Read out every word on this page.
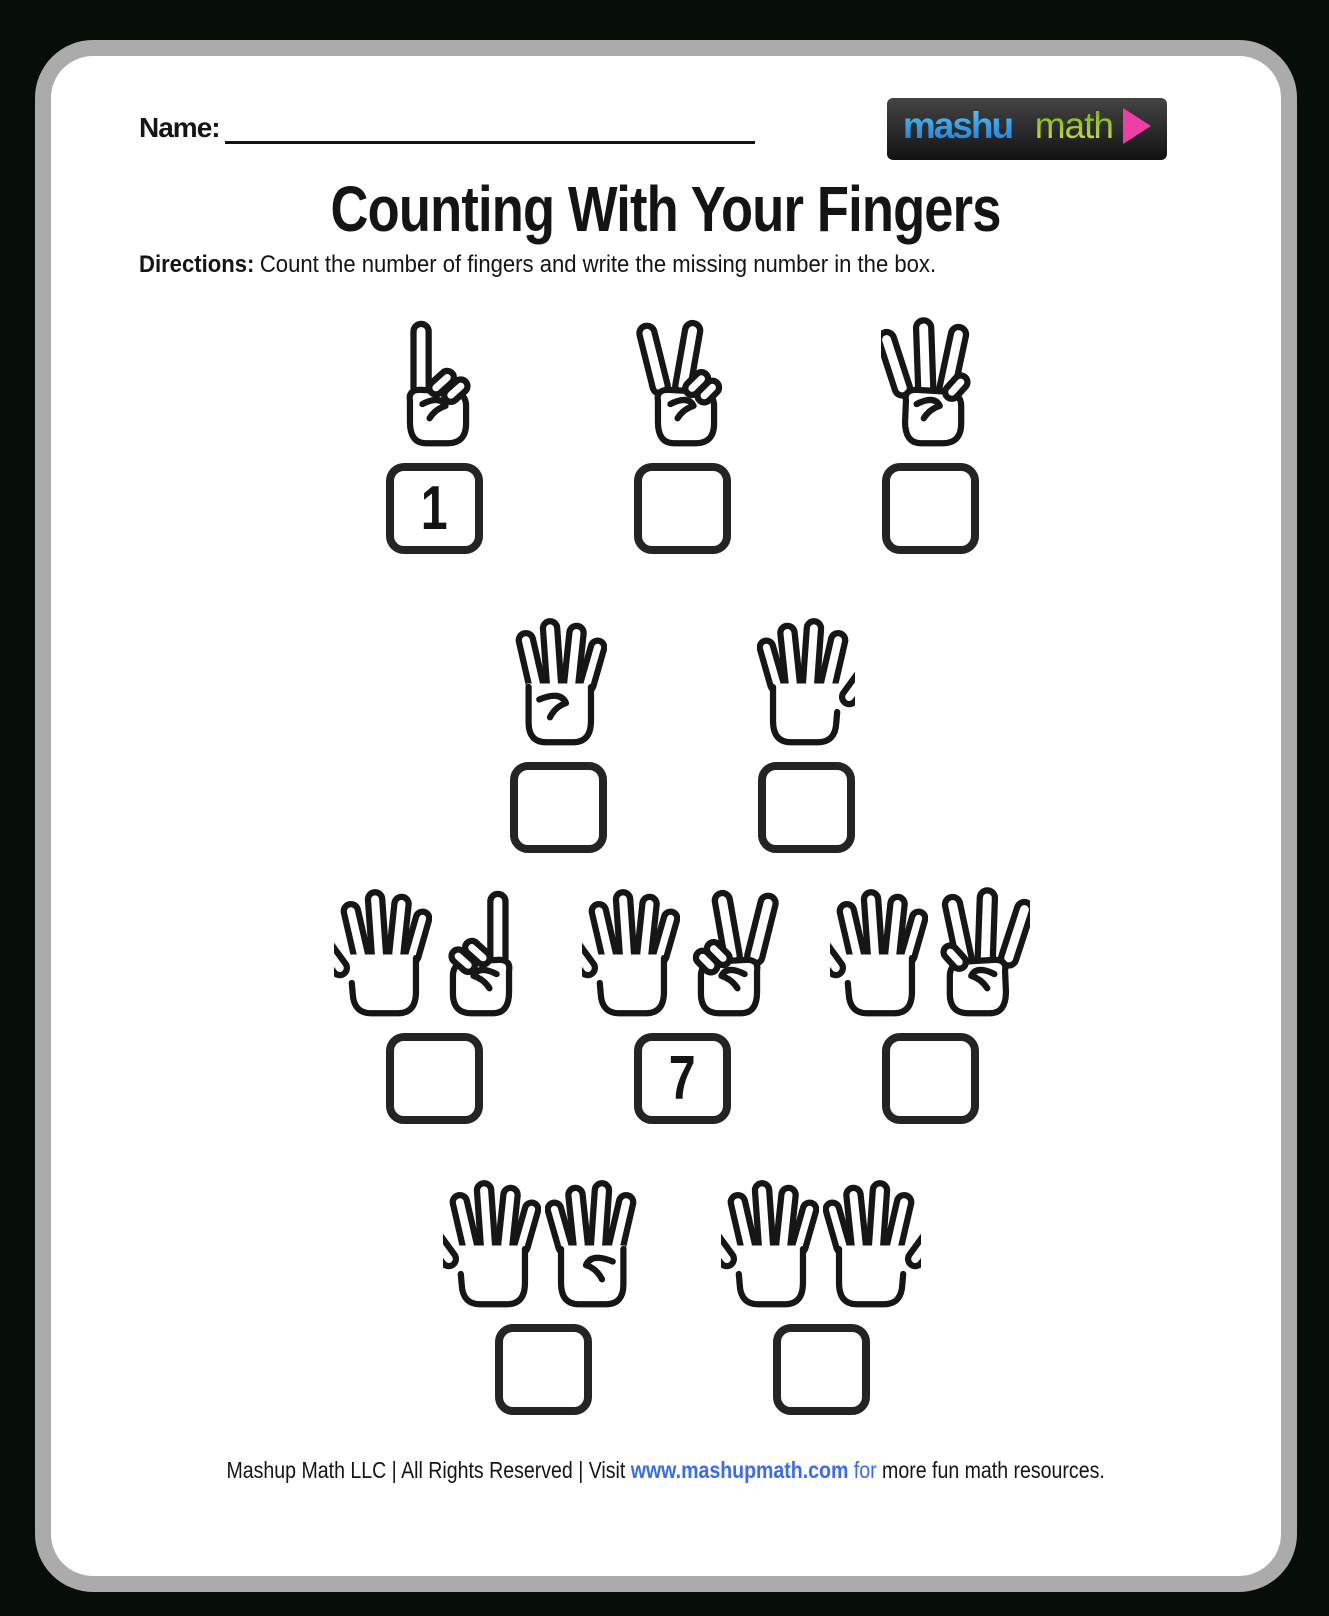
Name:	mashup math
Counting With Your Fingers

Directions: Count the number of fingers and write the missing number in the box.

1
7
Mashup Math LLC | All Rights Reserved | Visit www.mashupmath.com for more fun math resources.
